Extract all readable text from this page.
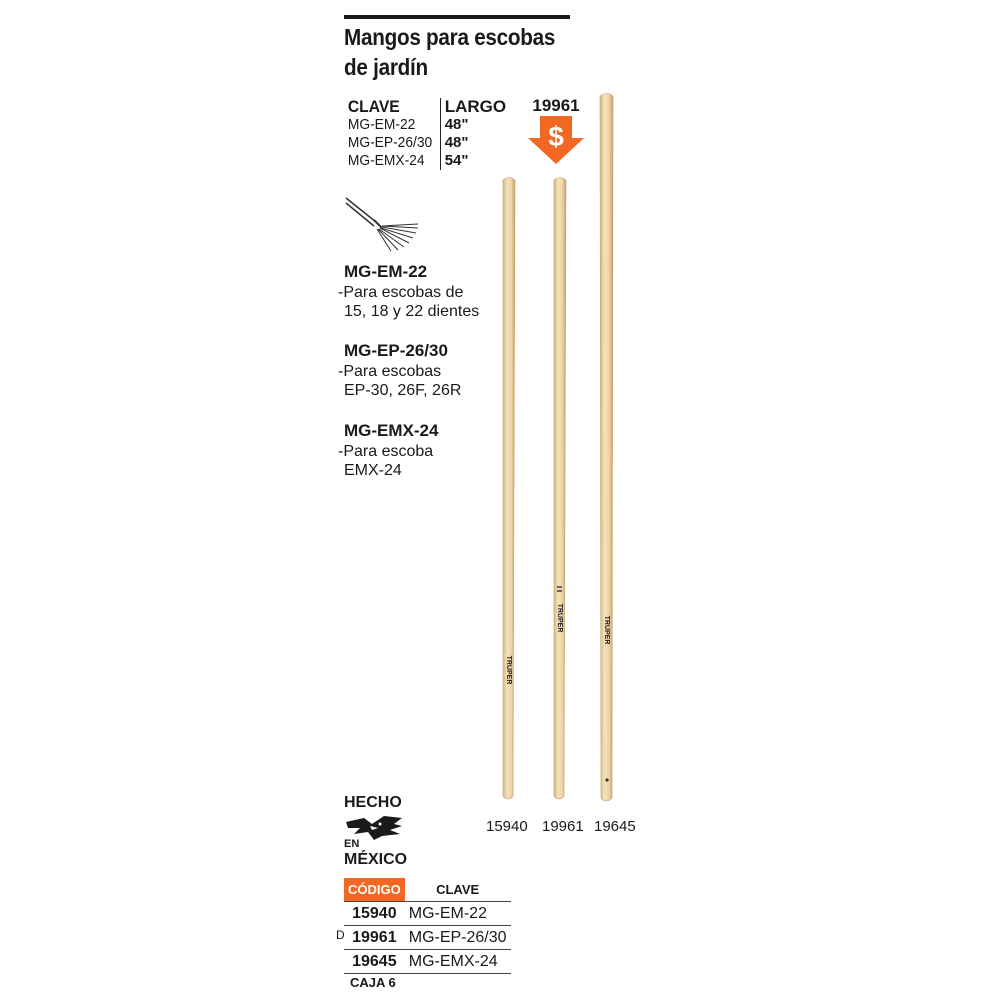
Mangos para escobas
de jardín
CLAVE	LARGO
MG-EM-22	48"
MG-EP-26/30	48"
MG-EMX-24	54"
MG-EM-22
-Para escobas de
15, 18 y 22 dientes
MG-EP-26/30
-Para escobas
EP-30, 26F, 26R
MG-EMX-24
-Para escoba
EMX-24
19961
$
TRUPER
TRUPER	TRUPER
15940 19961 19645
HECHO
EN
MÉXICO
CÓDIGO	CLAVE
15940	MG-EM-22
19961	MG-EP-26/30
19645	MG-EMX-24
D
CAJA 6
